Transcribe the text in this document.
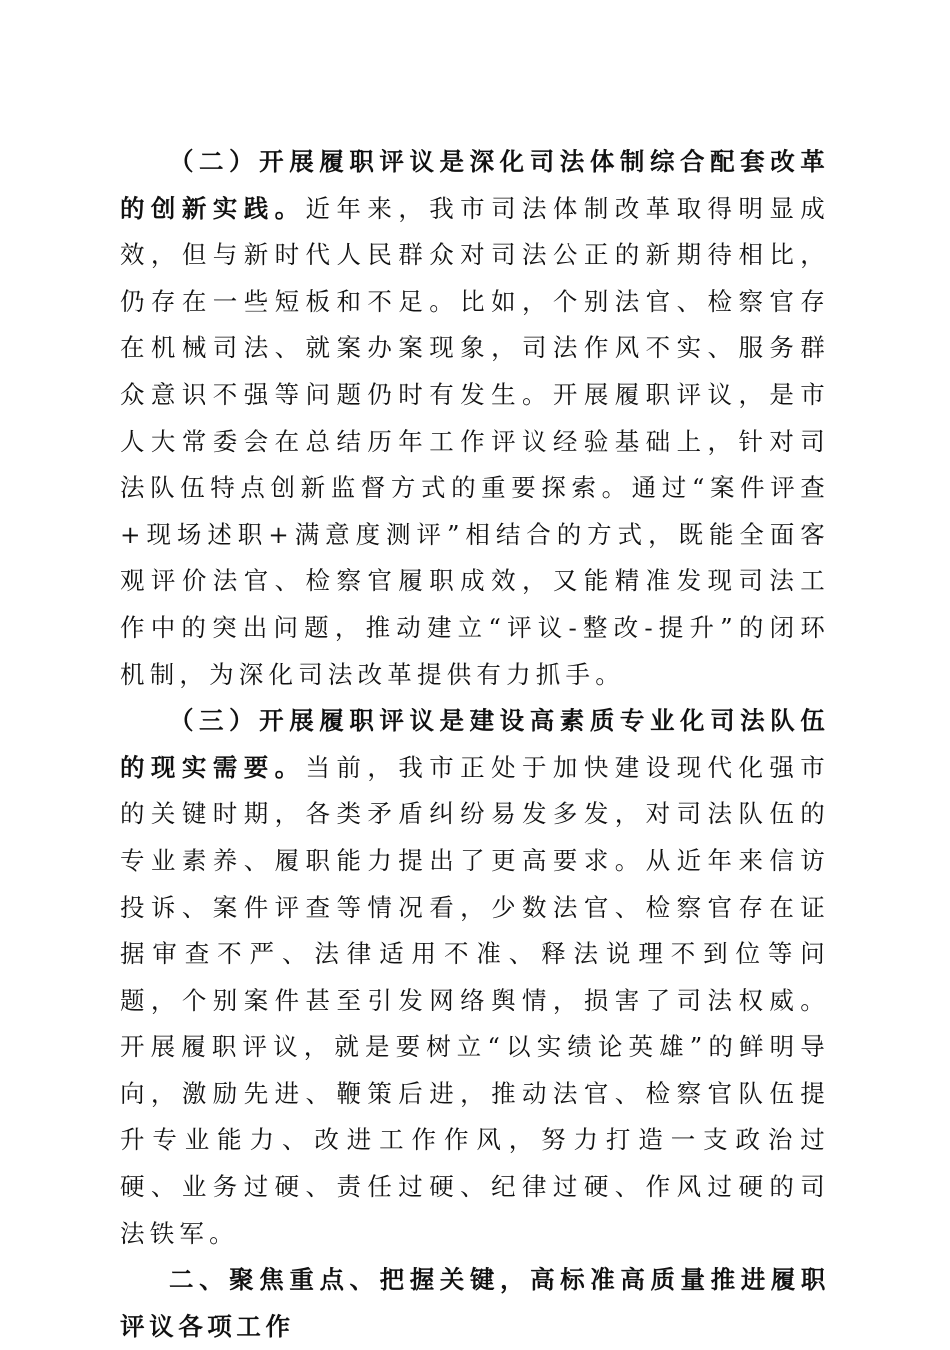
（二）开展履职评议是深化司法体制综合配套改革的创新实践。近年来，我市司法体制改革取得明显成效，但与新时代人民群众对司法公正的新期待相比，仍存在一些短板和不足。比如，个别法官、检察官存在机械司法、就案办案现象，司法作风不实、服务群众意识不强等问题仍时有发生。开展履职评议，是市人大常委会在总结历年工作评议经验基础上，针对司法队伍特点创新监督方式的重要探索。通过“案件评查+现场述职+满意度测评”相结合的方式，既能全面客观评价法官、检察官履职成效，又能精准发现司法工作中的突出问题，推动建立“评议-整改-提升”的闭环机制，为深化司法改革提供有力抓手。

（三）开展履职评议是建设高素质专业化司法队伍的现实需要。当前，我市正处于加快建设现代化强市的关键时期，各类矛盾纠纷易发多发，对司法队伍的专业素养、履职能力提出了更高要求。从近年来信访投诉、案件评查等情况看，少数法官、检察官存在证据审查不严、法律适用不准、释法说理不到位等问题，个别案件甚至引发网络舆情，损害了司法权威。开展履职评议，就是要树立“以实绩论英雄”的鲜明导向，激励先进、鞭策后进，推动法官、检察官队伍提升专业能力、改进工作作风，努力打造一支政治过硬、业务过硬、责任过硬、纪律过硬、作风过硬的司法铁军。

二、聚焦重点、把握关键，高标准高质量推进履职评议各项工作
